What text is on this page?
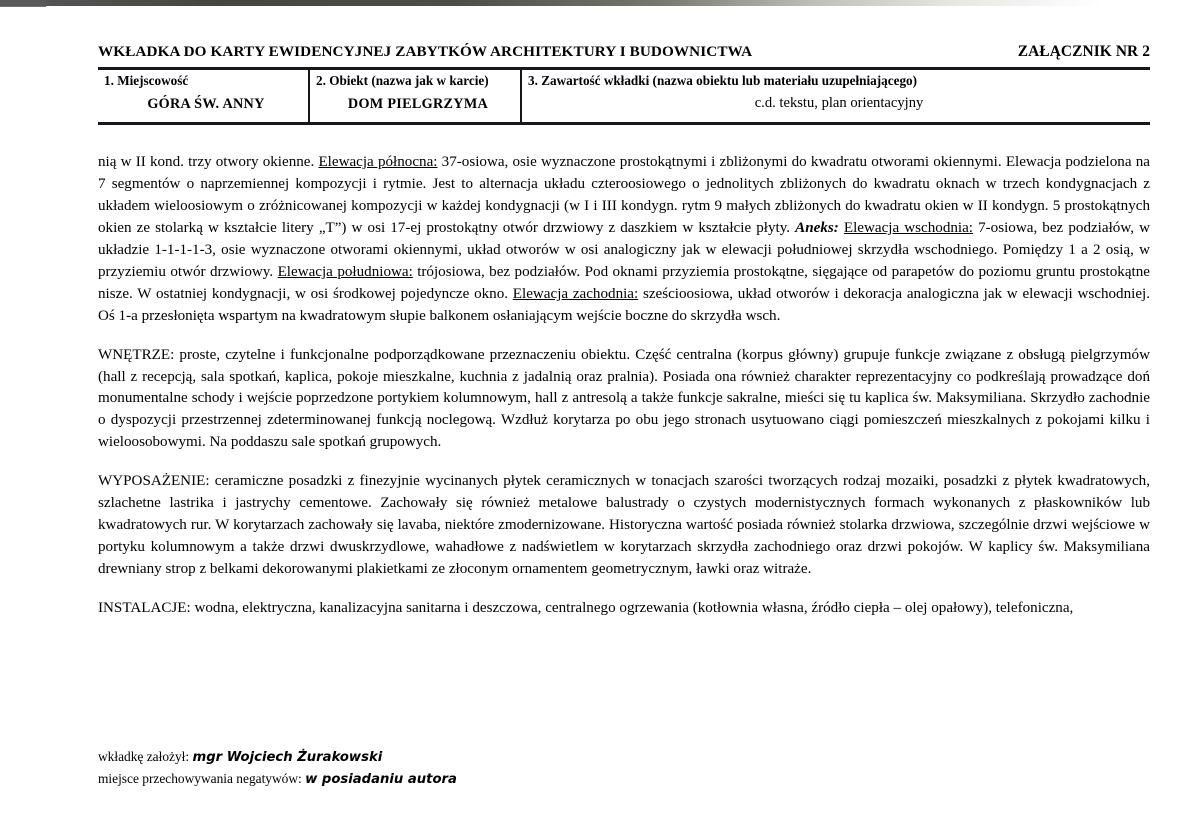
WKŁADKA DO KARTY EWIDENCYJNEJ ZABYTKÓW ARCHITEKTURY I BUDOWNICTWA	ZAŁĄCZNIK NR 2
1. Miejscowość
GÓRA ŚW. ANNY
2. Obiekt (nazwa jak w karcie)
DOM PIELGRZYMA
3. Zawartość wkładki (nazwa obiektu lub materiału uzupełniającego)
c.d. tekstu, plan orientacyjny

nią w II kond. trzy otwory okienne. Elewacja północna: 37-osiowa, osie wyznaczone prostokątnymi i zbliżonymi do kwadratu otworami okiennymi. Elewacja podzielona na 7 segmentów o naprzemiennej kompozycji i rytmie. Jest to alternacja układu czteroosiowego o jednolitych zbliżonych do kwadratu oknach w trzech kondygnacjach z układem wieloosiowym o zróżnicowanej kompozycji w każdej kondygnacji (w I i III kondygn. rytm 9 małych zbliżonych do kwadratu okien w II kondygn. 5 prostokątnych okien ze stolarką w kształcie litery „T”) w osi 17-ej prostokątny otwór drzwiowy z daszkiem w kształcie płyty. Aneks: Elewacja wschodnia: 7-osiowa, bez podziałów, w układzie 1-1-1-1-3, osie wyznaczone otworami okiennymi, układ otworów w osi analogiczny jak w elewacji południowej skrzydła wschodniego. Pomiędzy 1 a 2 osią, w przyziemiu otwór drzwiowy. Elewacja południowa: trójosiowa, bez podziałów. Pod oknami przyziemia prostokątne, sięgające od parapetów do poziomu gruntu prostokątne nisze. W ostatniej kondygnacji, w osi środkowej pojedyncze okno. Elewacja zachodnia: sześcioosiowa, układ otworów i dekoracja analogiczna jak w elewacji wschodniej. Oś 1-a przesłonięta wspartym na kwadratowym słupie balkonem osłaniającym wejście boczne do skrzydła wsch.

WNĘTRZE: proste, czytelne i funkcjonalne podporządkowane przeznaczeniu obiektu. Część centralna (korpus główny) grupuje funkcje związane z obsługą pielgrzymów (hall z recepcją, sala spotkań, kaplica, pokoje mieszkalne, kuchnia z jadalnią oraz pralnia). Posiada ona również charakter reprezentacyjny co podkreślają prowadzące doń monumentalne schody i wejście poprzedzone portykiem kolumnowym, hall z antresolą a także funkcje sakralne, mieści się tu kaplica św. Maksymiliana. Skrzydło zachodnie o dyspozycji przestrzennej zdeterminowanej funkcją noclegową. Wzdłuż korytarza po obu jego stronach usytuowano ciągi pomieszczeń mieszkalnych z pokojami kilku i wieloosobowymi. Na poddaszu sale spotkań grupowych.

WYPOSAŻENIE: ceramiczne posadzki z finezyjnie wycinanych płytek ceramicznych w tonacjach szarości tworzących rodzaj mozaiki, posadzki z płytek kwadratowych, szlachetne lastrika i jastrychy cementowe. Zachowały się również metalowe balustrady o czystych modernistycznych formach wykonanych z płaskowników lub kwadratowych rur. W korytarzach zachowały się lavaba, niektóre zmodernizowane. Historyczna wartość posiada również stolarka drzwiowa, szczególnie drzwi wejściowe w portyku kolumnowym a także drzwi dwuskrzydlowe, wahadłowe z nadświetlem w korytarzach skrzydła zachodniego oraz drzwi pokojów. W kaplicy św. Maksymiliana drewniany strop z belkami dekorowanymi plakietkami ze złoconym ornamentem geometrycznym, ławki oraz witraże.

INSTALACJE: wodna, elektryczna, kanalizacyjna sanitarna i deszczowa, centralnego ogrzewania (kotłownia własna, źródło ciepła – olej opałowy), telefoniczna,

wkładkę założył: mgr Wojciech Żurakowski
miejsce przechowywania negatywów: w posiadaniu autora
